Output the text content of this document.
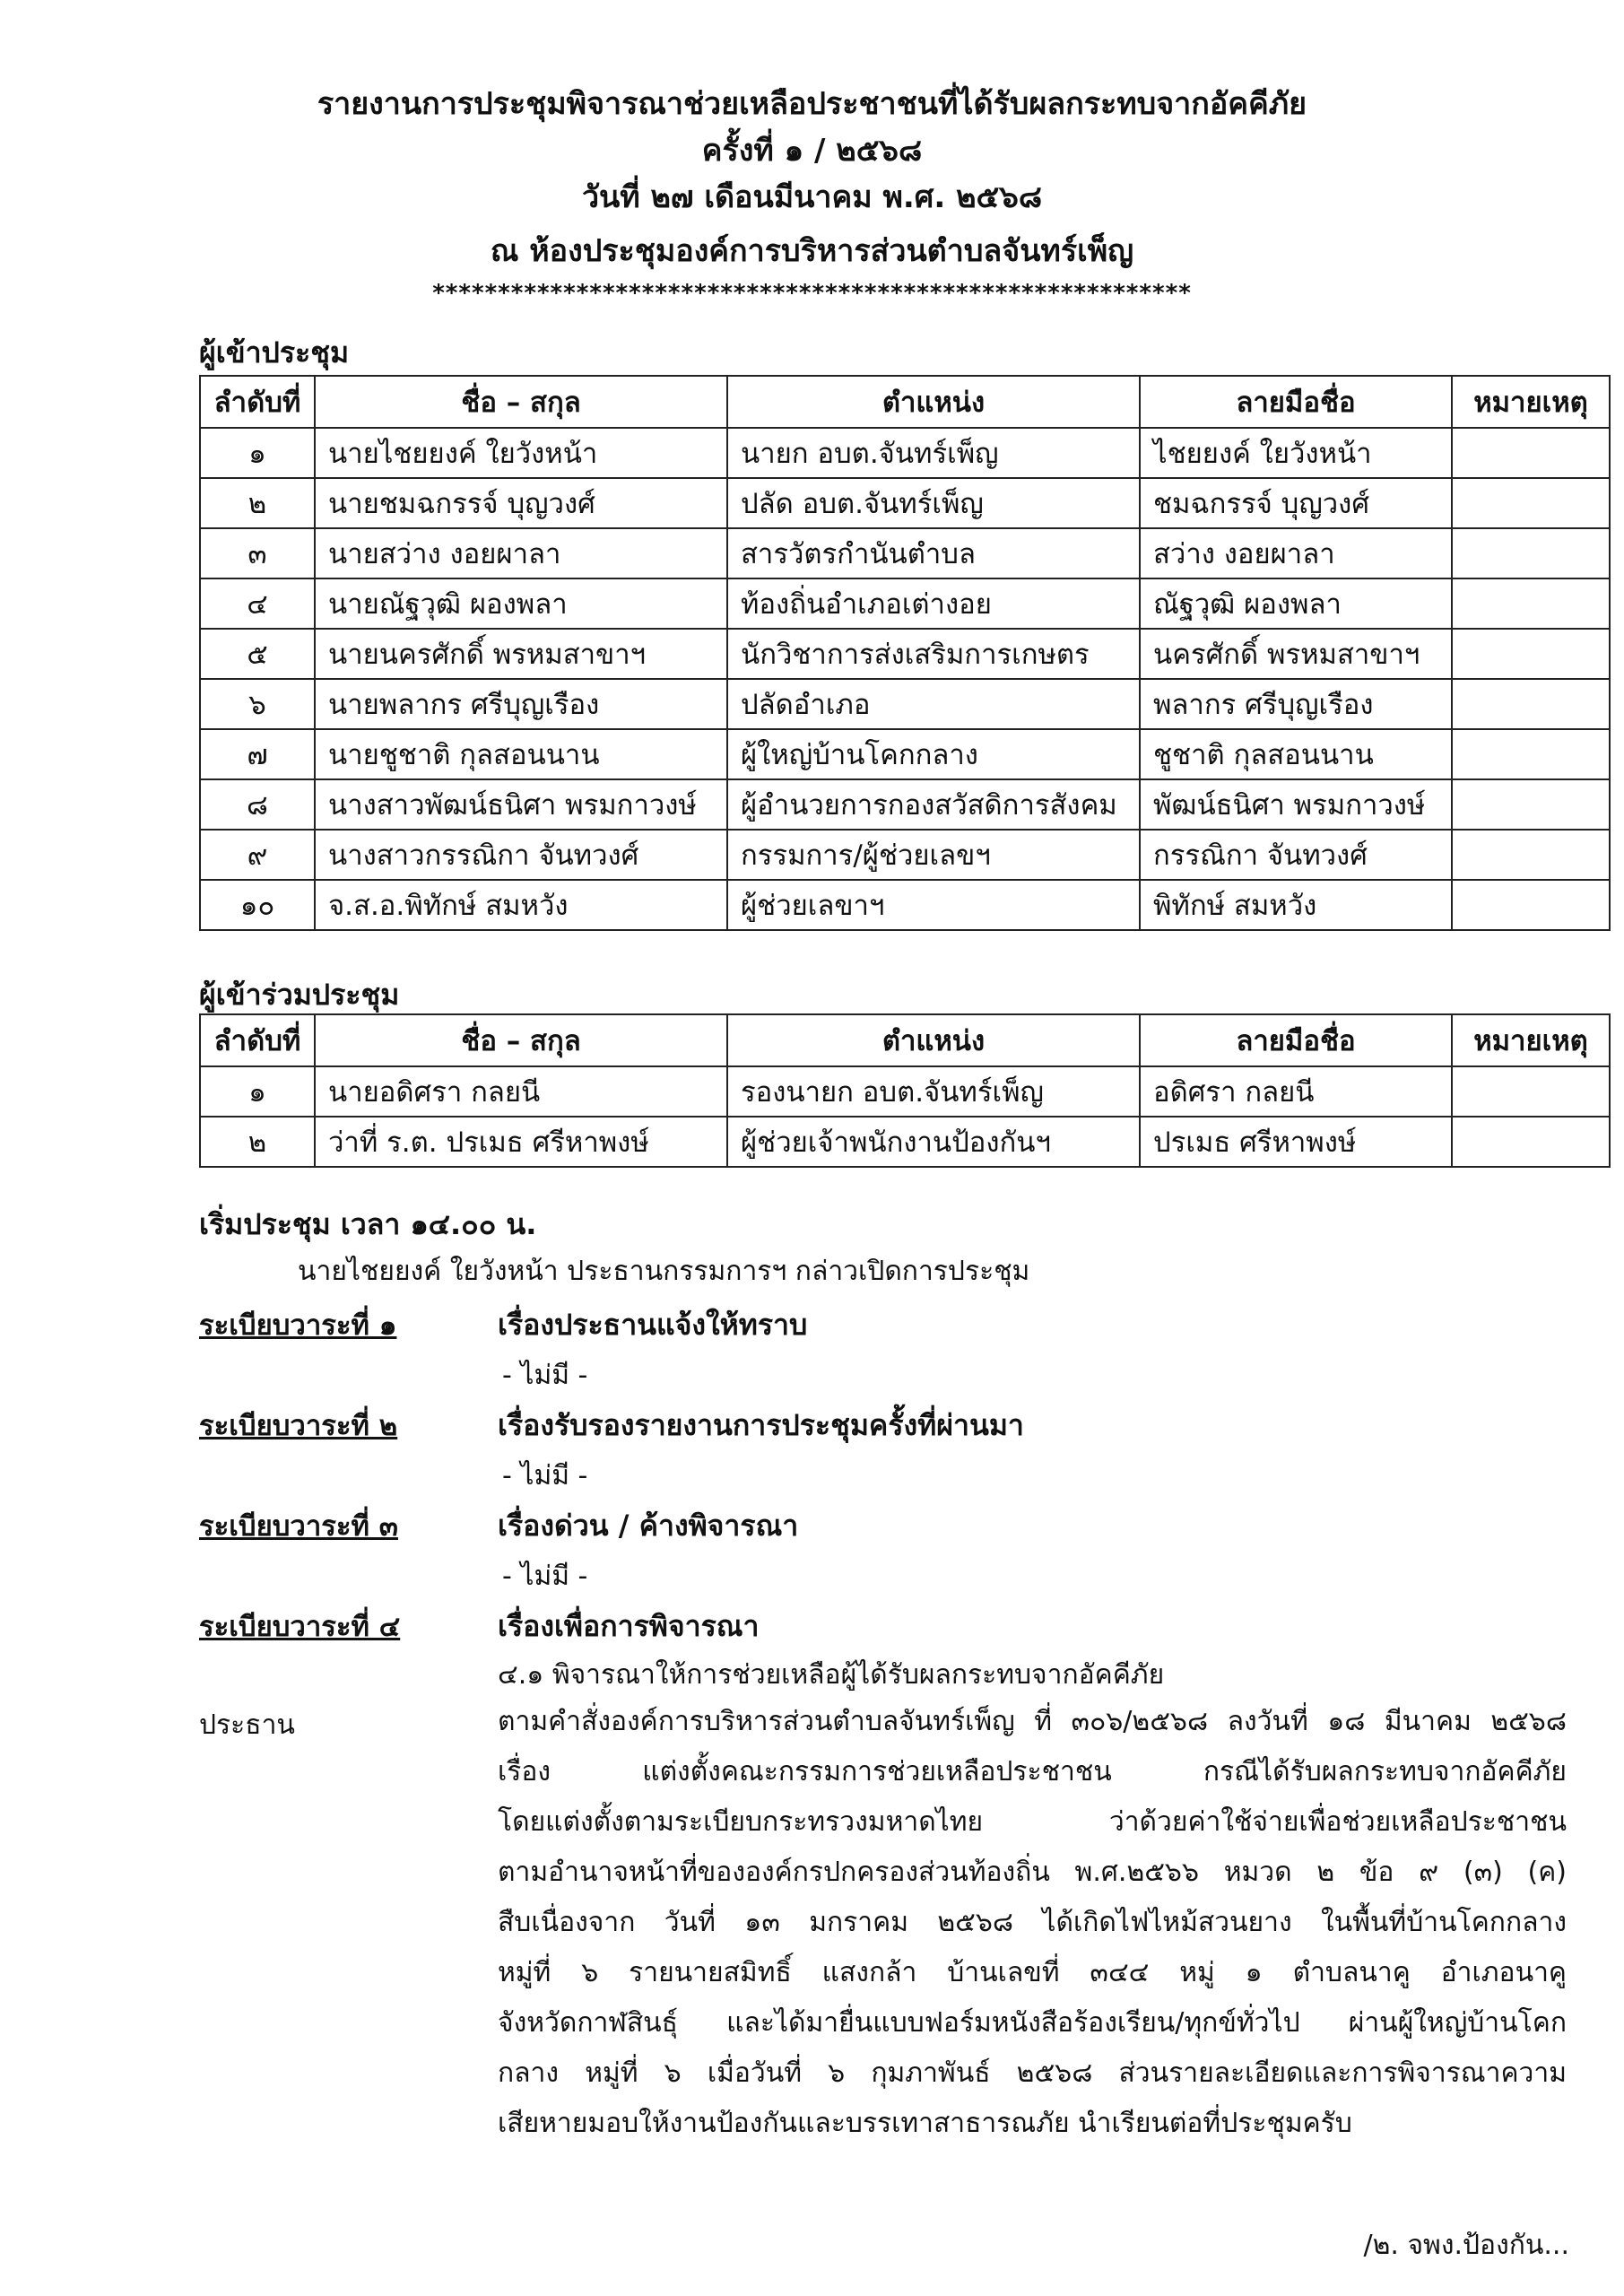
รายงานการประชุมพิจารณาช่วยเหลือประชาชนที่ได้รับผลกระทบจากอัคคีภัย
ครั้งที่ ๑ / ๒๕๖๘
วันที่ ๒๗ เดือนมีนาคม พ.ศ. ๒๕๖๘
ณ ห้องประชุมองค์การบริหารส่วนตำบลจันทร์เพ็ญ
**********************************************************
ผู้เข้าประชุม
ลำดับที่	ชื่อ – สกุล	ตำแหน่ง	ลายมือชื่อ	หมายเหตุ
๑	นายไชยยงค์ ใยวังหน้า	นายก อบต.จันทร์เพ็ญ	ไชยยงค์ ใยวังหน้า	
๒	นายชมฉกรรจ์ บุญวงศ์	ปลัด อบต.จันทร์เพ็ญ	ชมฉกรรจ์ บุญวงศ์	
๓	นายสว่าง งอยผาลา	สารวัตรกำนันตำบล	สว่าง งอยผาลา	
๔	นายณัฐวุฒิ ผองพลา	ท้องถิ่นอำเภอเต่างอย	ณัฐวุฒิ ผองพลา	
๕	นายนครศักดิ์ พรหมสาขาฯ	นักวิชาการส่งเสริมการเกษตร	นครศักดิ์ พรหมสาขาฯ	
๖	นายพลากร ศรีบุญเรือง	ปลัดอำเภอ	พลากร ศรีบุญเรือง	
๗	นายชูชาติ กุลสอนนาน	ผู้ใหญ่บ้านโคกกลาง	ชูชาติ กุลสอนนาน	
๘	นางสาวพัฒน์ธนิศา พรมกาวงษ์	ผู้อำนวยการกองสวัสดิการสังคม	พัฒน์ธนิศา พรมกาวงษ์	
๙	นางสาวกรรณิกา จันทวงศ์	กรรมการ/ผู้ช่วยเลขฯ	กรรณิกา จันทวงศ์	
๑๐	จ.ส.อ.พิทักษ์ สมหวัง	ผู้ช่วยเลขาฯ	พิทักษ์ สมหวัง	
ผู้เข้าร่วมประชุม
ลำดับที่	ชื่อ – สกุล	ตำแหน่ง	ลายมือชื่อ	หมายเหตุ
๑	นายอดิศรา กลยนี	รองนายก อบต.จันทร์เพ็ญ	อดิศรา กลยนี	
๒	ว่าที่ ร.ต. ปรเมธ ศรีหาพงษ์	ผู้ช่วยเจ้าพนักงานป้องกันฯ	ปรเมธ ศรีหาพงษ์	
เริ่มประชุม เวลา ๑๔.๐๐ น.
นายไชยยงค์ ใยวังหน้า ประธานกรรมการฯ กล่าวเปิดการประชุม
ระเบียบวาระที่ ๑	เรื่องประธานแจ้งให้ทราบ
- ไม่มี -
ระเบียบวาระที่ ๒	เรื่องรับรองรายงานการประชุมครั้งที่ผ่านมา
- ไม่มี -
ระเบียบวาระที่ ๓	เรื่องด่วน / ค้างพิจารณา
- ไม่มี -
ระเบียบวาระที่ ๔	เรื่องเพื่อการพิจารณา
๔.๑ พิจารณาให้การช่วยเหลือผู้ได้รับผลกระทบจากอัคคีภัย
ประธาน	ตามคำสั่งองค์การบริหารส่วนตำบลจันทร์เพ็ญ ที่ ๓๐๖/๒๕๖๘ ลงวันที่ ๑๘ มีนาคม ๒๕๖๘
เรื่อง แต่งตั้งคณะกรรมการช่วยเหลือประชาชน กรณีได้รับผลกระทบจากอัคคีภัย
โดยแต่งตั้งตามระเบียบกระทรวงมหาดไทย ว่าด้วยค่าใช้จ่ายเพื่อช่วยเหลือประชาชน
ตามอำนาจหน้าที่ขององค์กรปกครองส่วนท้องถิ่น พ.ศ.๒๕๖๖ หมวด ๒ ข้อ ๙ (๓) (ค)
สืบเนื่องจาก วันที่ ๑๓ มกราคม ๒๕๖๘ ได้เกิดไฟไหม้สวนยาง ในพื้นที่บ้านโคกกลาง
หมู่ที่ ๖ รายนายสมิทธิ์ แสงกล้า บ้านเลขที่ ๓๔๔ หมู่ ๑ ตำบลนาคู อำเภอนาคู
จังหวัดกาฬสินธุ์ และได้มายื่นแบบฟอร์มหนังสือร้องเรียน/ทุกข์ทั่วไป ผ่านผู้ใหญ่บ้านโคก
กลาง หมู่ที่ ๖ เมื่อวันที่ ๖ กุมภาพันธ์ ๒๕๖๘ ส่วนรายละเอียดและการพิจารณาความ
เสียหายมอบให้งานป้องกันและบรรเทาสาธารณภัย นำเรียนต่อที่ประชุมครับ
/๒. จพง.ป้องกัน...
